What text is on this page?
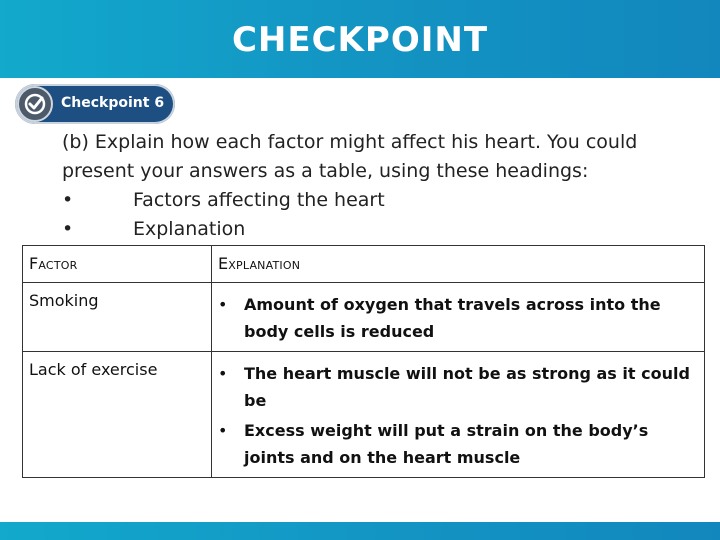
CHECKPOINT
Checkpoint 6
(b) Explain how each factor might affect his heart. You could
present your answers as a table, using these headings:
•	Factors affecting the heart
•	Explanation
Factor	Explanation
Smoking	• Amount of oxygen that travels across into the body cells is reduced

Lack of exercise	• The heart muscle will not be as strong as it could be
• Excess weight will put a strain on the body’s joints and on the heart muscle
